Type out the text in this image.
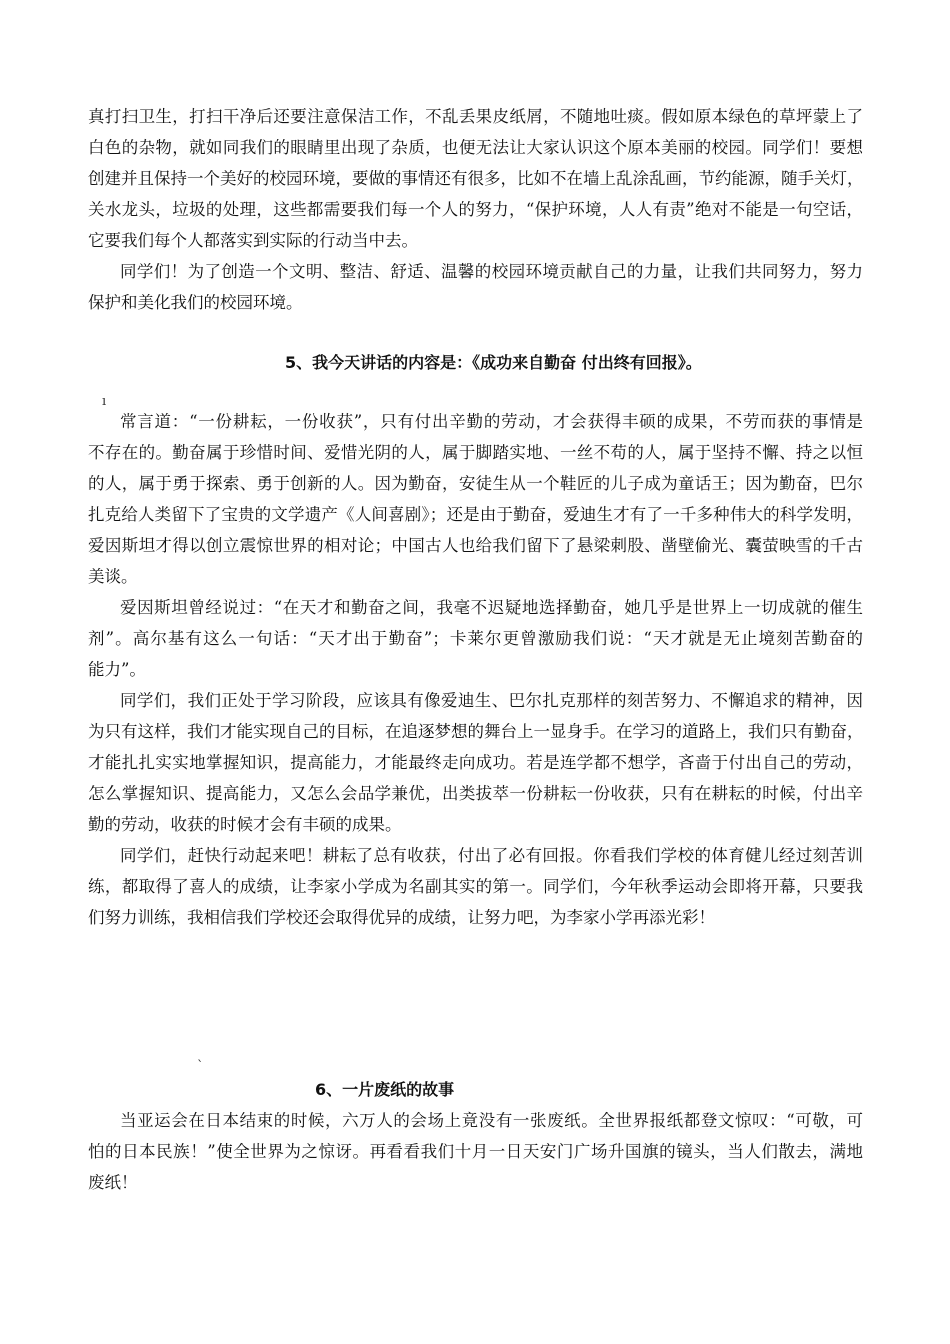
真打扫卫生，打扫干净后还要注意保洁工作，不乱丢果皮纸屑，不随地吐痰。假如原本绿色的草坪蒙上了
白色的杂物，就如同我们的眼睛里出现了杂质，也便无法让大家认识这个原本美丽的校园。同学们！要想
创建并且保持一个美好的校园环境，要做的事情还有很多，比如不在墙上乱涂乱画，节约能源，随手关灯，
关水龙头，垃圾的处理，这些都需要我们每一个人的努力，“保护环境，人人有责”绝对不能是一句空话，
它要我们每个人都落实到实际的行动当中去。
同学们！为了创造一个文明、整洁、舒适、温馨的校园环境贡献自己的力量，让我们共同努力，努力
保护和美化我们的校园环境。
5、我今天讲话的内容是：《成功来自勤奋 付出终有回报》。
ı
常言道：“一份耕耘，一份收获”，只有付出辛勤的劳动，才会获得丰硕的成果，不劳而获的事情是
不存在的。勤奋属于珍惜时间、爱惜光阴的人，属于脚踏实地、一丝不苟的人，属于坚持不懈、持之以恒
的人，属于勇于探索、勇于创新的人。因为勤奋，安徒生从一个鞋匠的儿子成为童话王；因为勤奋，巴尔
扎克给人类留下了宝贵的文学遗产《人间喜剧》；还是由于勤奋，爱迪生才有了一千多种伟大的科学发明，
爱因斯坦才得以创立震惊世界的相对论；中国古人也给我们留下了悬梁刺股、凿壁偷光、囊萤映雪的千古
美谈。
爱因斯坦曾经说过：“在天才和勤奋之间，我毫不迟疑地选择勤奋，她几乎是世界上一切成就的催生
剂”。高尔基有这么一句话：“天才出于勤奋”；卡莱尔更曾激励我们说：“天才就是无止境刻苦勤奋的
能力”。
同学们，我们正处于学习阶段，应该具有像爱迪生、巴尔扎克那样的刻苦努力、不懈追求的精神，因
为只有这样，我们才能实现自己的目标，在追逐梦想的舞台上一显身手。在学习的道路上，我们只有勤奋，
才能扎扎实实地掌握知识，提高能力，才能最终走向成功。若是连学都不想学，吝啬于付出自己的劳动，
怎么掌握知识、提高能力，又怎么会品学兼优，出类拔萃一份耕耘一份收获，只有在耕耘的时候，付出辛
勤的劳动，收获的时候才会有丰硕的成果。
同学们，赶快行动起来吧！耕耘了总有收获，付出了必有回报。你看我们学校的体育健儿经过刻苦训
练，都取得了喜人的成绩，让李家小学成为名副其实的第一。同学们，今年秋季运动会即将开幕，只要我
们努力训练，我相信我们学校还会取得优异的成绩，让努力吧，为李家小学再添光彩！
`
6、一片废纸的故事
当亚运会在日本结束的时候，六万人的会场上竟没有一张废纸。全世界报纸都登文惊叹：“可敬，可
怕的日本民族！”使全世界为之惊讶。再看看我们十月一日天安门广场升国旗的镜头，当人们散去，满地
废纸！
